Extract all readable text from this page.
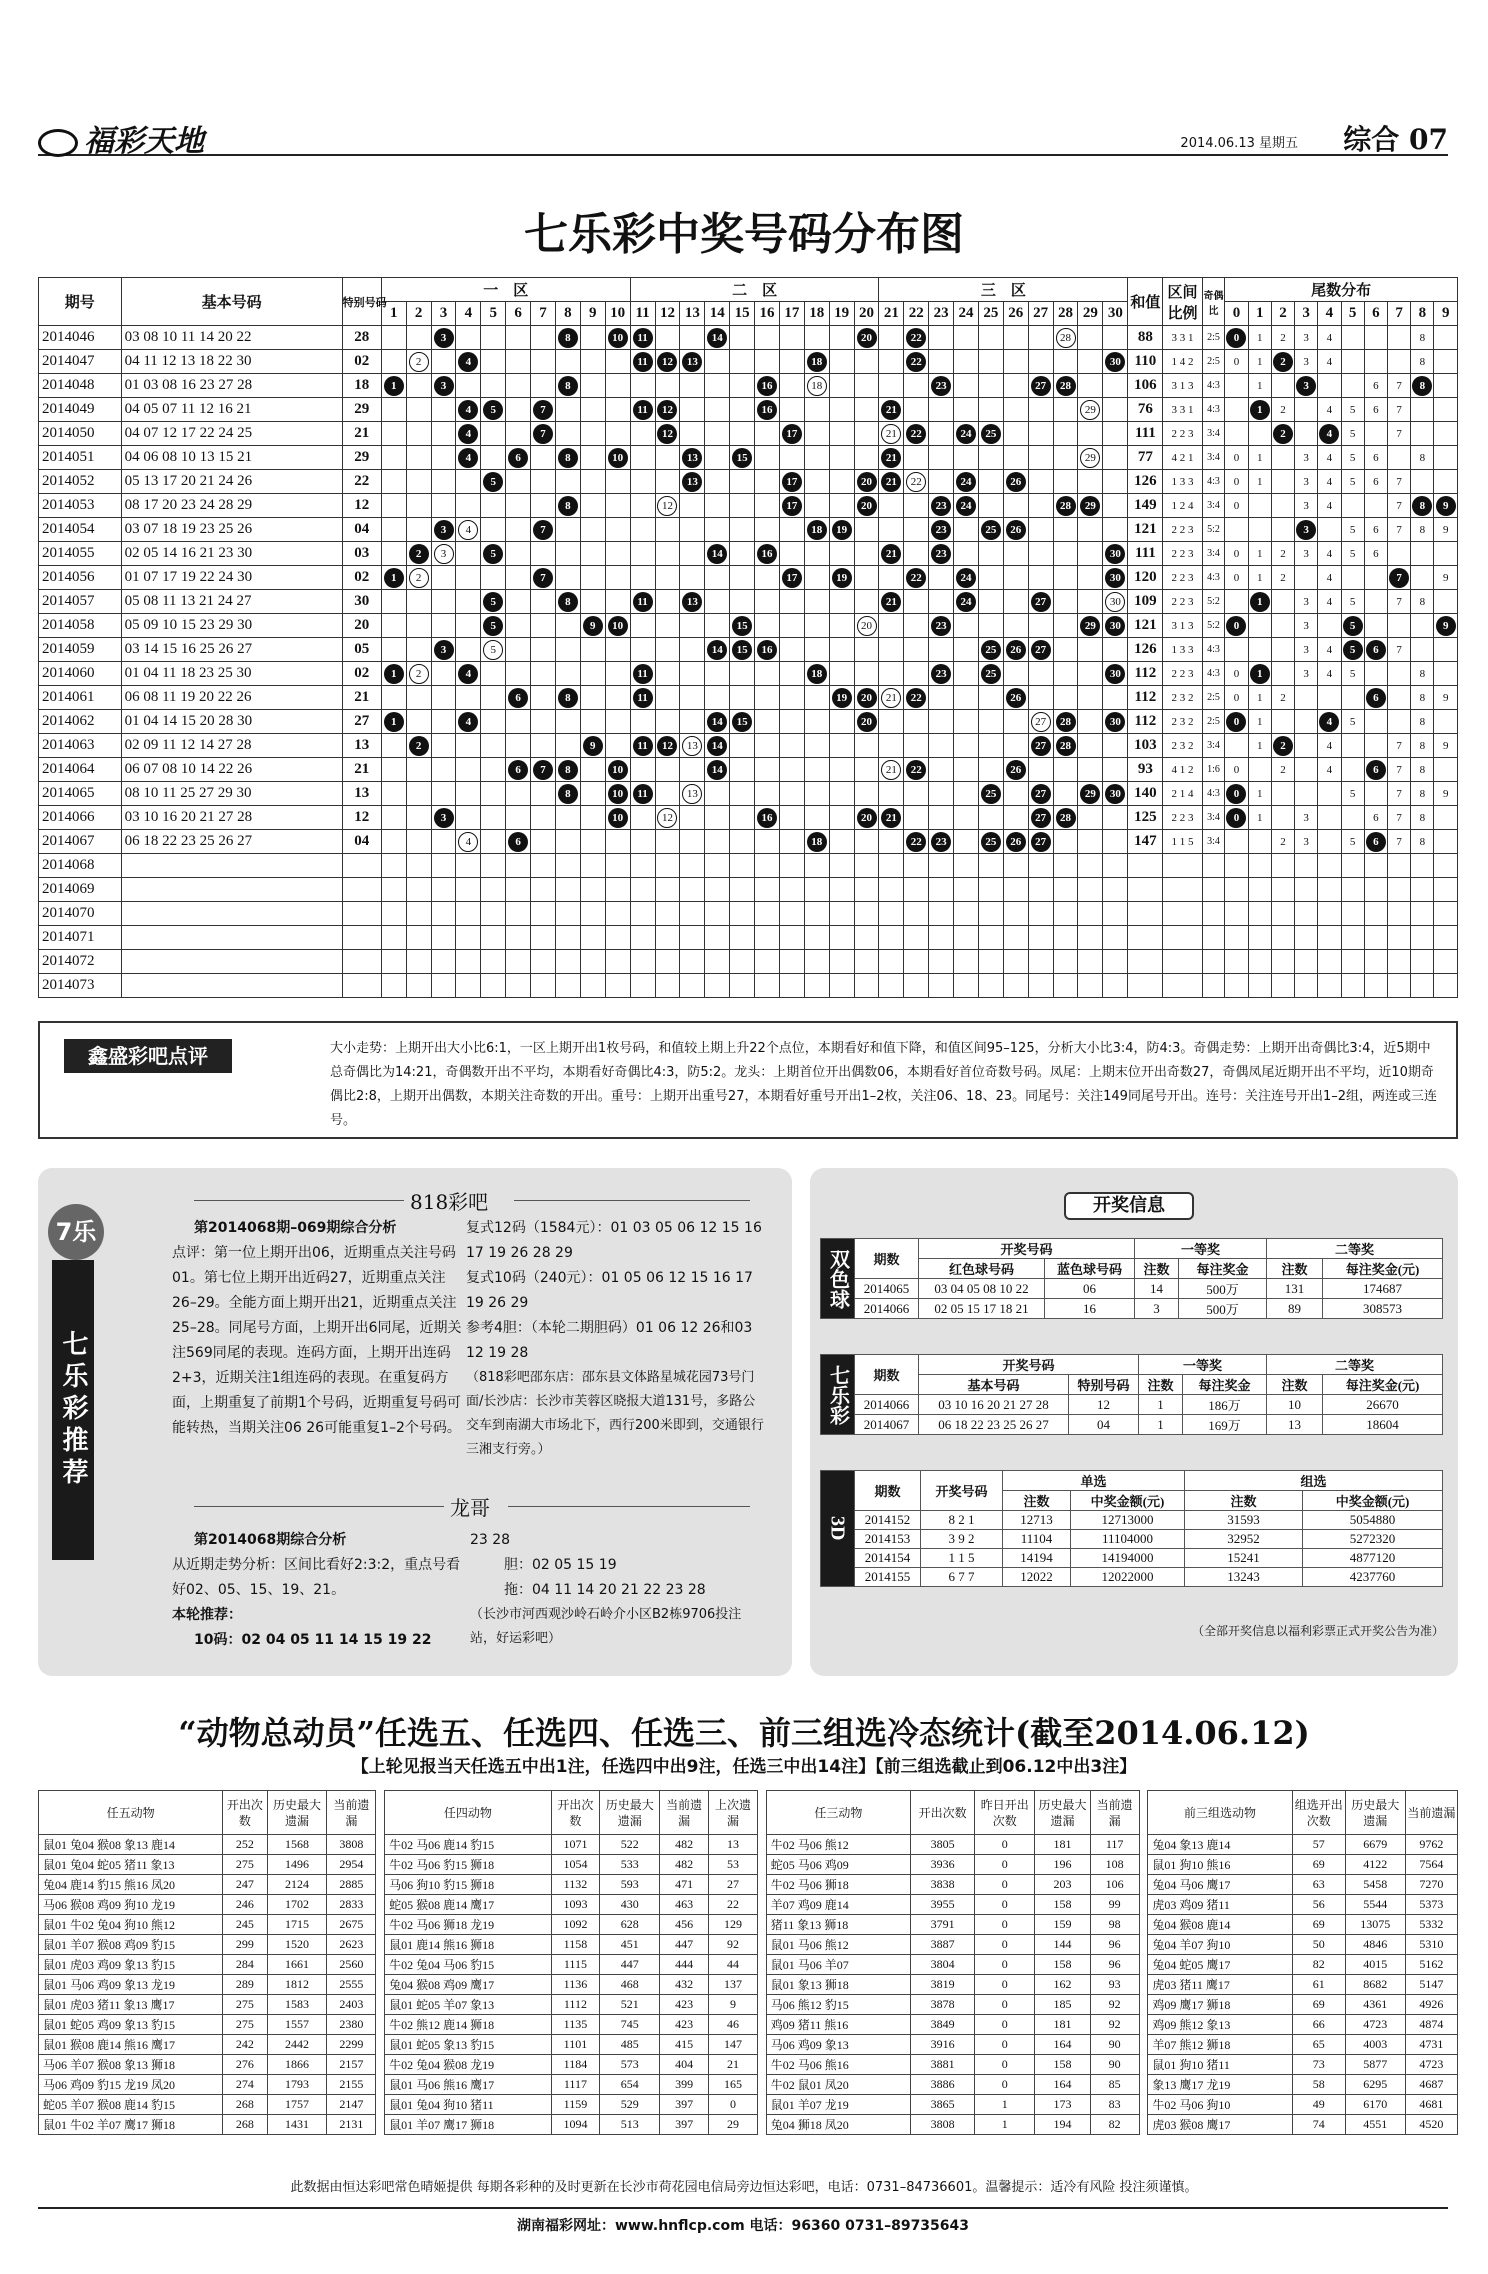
福彩天地	2014.06.13 星期五 综合 07
七乐彩中奖号码分布图
期号	基本号码	特别号码	一　区										二　区										三　区										和值	区间比例	奇偶比	尾数分布									
			1	2	3	4	5	6	7	8	9	10	11	12	13	14	15	16	17	18	19	20	21	22	23	24	25	26	27	28	29	30				0	1	2	3	4	5	6	7	8	9
2014046	03 08 10 11 14 20 22	28			3					8		10	11			14						20		22						28			88	3 3 1	2:5	0	1	2	3	4				8	
2014047	04 11 12 13 18 22 30	02		2		4							11	12	13					18				22								30	110	1 4 2	2:5	0	1	2	3	4				8	
2014048	01 03 08 16 23 27 28	18	1		3					8								16		18					23				27	28			106	3 1 3	4:3		1		3			6	7	8	
2014049	04 05 07 11 12 16 21	29				4	5		7				11	12				16					21								29		76	3 3 1	4:3		1	2		4	5	6	7		
2014050	04 07 12 17 22 24 25	21				4			7					12					17				21	22		24	25						111	2 2 3	3:4			2		4	5		7		
2014051	04 06 08 10 13 15 21	29				4		6		8		10			13		15						21								29		77	4 2 1	3:4	0	1		3	4	5	6		8	
2014052	05 13 17 20 21 24 26	22					5								13				17			20	21	22		24		26					126	1 3 3	4:3	0	1		3	4	5	6	7		
2014053	08 17 20 23 24 28 29	12								8				12					17			20			23	24				28	29		149	1 2 4	3:4	0			3	4			7	8	9
2014054	03 07 18 19 23 25 26	04			3	4			7											18	19				23		25	26					121	2 2 3	5:2				3		5	6	7	8	9
2014055	02 05 14 16 21 23 30	03		2	3		5									14		16					21		23							30	111	2 2 3	3:4	0	1	2	3	4	5	6			
2014056	01 07 17 19 22 24 30	02	1	2					7										17		19			22		24						30	120	2 2 3	4:3	0	1	2		4			7		9
2014057	05 08 11 13 21 24 27	30					5			8			11		13								21			24			27			30	109	2 2 3	5:2		1		3	4	5		7	8	
2014058	05 09 10 15 23 29 30	20					5				9	10					15					20			23						29	30	121	3 1 3	5:2	0			3		5				9
2014059	03 14 15 16 25 26 27	05			3		5									14	15	16									25	26	27				126	1 3 3	4:3				3	4	5	6	7		
2014060	01 04 11 18 23 25 30	02	1	2		4							11							18					23		25					30	112	2 2 3	4:3	0	1		3	4	5			8	
2014061	06 08 11 19 20 22 26	21						6		8			11								19	20	21	22				26					112	2 3 2	2:5	0	1	2				6		8	9
2014062	01 04 14 15 20 28 30	27	1			4										14	15					20							27	28		30	112	2 3 2	2:5	0	1			4	5			8	
2014063	02 09 11 12 14 27 28	13		2							9		11	12	13	14													27	28			103	2 3 2	3:4		1	2		4			7	8	9
2014064	06 07 08 10 14 22 26	21						6	7	8		10				14							21	22				26					93	4 1 2	1:6	0		2		4		6	7	8	
2014065	08 10 11 25 27 29 30	13								8		10	11		13												25		27		29	30	140	2 1 4	4:3	0	1				5		7	8	9
2014066	03 10 16 20 21 27 28	12			3							10		12				16				20	21						27	28			125	2 2 3	3:4	0	1		3			6	7	8	
2014067	06 18 22 23 25 26 27	04				4		6												18				22	23		25	26	27				147	1 1 5	3:4			2	3		5	6	7	8	
2014068																																													
2014069																																													
2014070																																													
2014071																																													
2014072																																													
2014073																																													
鑫盛彩吧点评	大小走势：上期开出大小比6:1，一区上期开出1枚号码，和值较上期上升22个点位，本期看好和值下降，和值区间95–125，分析大小比3:4，防4:3。奇偶走势：上期开出奇偶比3:4，近5期中总奇偶比为14:21，奇偶数开出不平均，本期看好奇偶比4:3，防5:2。龙头：上期首位开出偶数06，本期看好首位奇数号码。凤尾：上期末位开出奇数27，奇偶凤尾近期开出不平均，近10期奇偶比2:8，上期开出偶数，本期关注奇数的开出。重号：上期开出重号27，本期看好重号开出1–2枚，关注06、18、23。同尾号：关注149同尾号开出。连号：关注连号开出1–2组，两连或三连号。
7乐
七乐彩推荐
818彩吧
第2014068期–069期综合分析
点评：第一位上期开出06，近期重点关注号码01。第七位上期开出近码27，近期重点关注26–29。全能方面上期开出21，近期重点关注25–28。同尾号方面，上期开出6同尾，近期关注569同尾的表现。连码方面，上期开出连码2+3，近期关注1组连码的表现。在重复码方面，上期重复了前期1个号码，近期重复号码可能转热，当期关注06 26可能重复1–2个号码。
复式12码（1584元）：01 03 05 06 12 15 16 17 19 26 28 29
复式10码（240元）：01 05 06 12 15 16 17 19 26 29
参考4胆：（本轮二期胆码）01 06 12 26和03 12 19 28
（818彩吧邵东店：邵东县文体路星城花园73号门面/长沙店：长沙市芙蓉区晓报大道131号，多路公交车到南湖大市场北下，西行200米即到，交通银行三湘支行旁。）
龙哥
第2014068期综合分析
从近期走势分析：区间比看好2:3:2，重点号看好02、05、15、19、21。
本轮推荐：
10码：02 04 05 11 14 15 19 22
23 28
胆：02 05 15 19
拖：04 11 14 20 21 22 23 28
（长沙市河西观沙岭石岭介小区B2栋9706投注站，好运彩吧）
开奖信息
双色球	期数	开奖号码		一等奖		二等奖	
		红色球号码	蓝色球号码	注数	每注奖金	注数	每注奖金(元)
	2014065	03 04 05 08 10 22	06	14	500万	131	174687
	2014066	02 05 15 17 18 21	16	3	500万	89	308573
七乐彩	期数	开奖号码		一等奖		二等奖	
		基本号码	特别号码	注数	每注奖金	注数	每注奖金(元)
	2014066	03 10 16 20 21 27 28	12	1	186万	10	26670
	2014067	06 18 22 23 25 26 27	04	1	169万	13	18604
3D	期数	开奖号码	单选		组选	
			注数	中奖金额(元)	注数	中奖金额(元)
	2014152	8 2 1	12713	12713000	31593	5054880
	2014153	3 9 2	11104	11104000	32952	5272320
	2014154	1 1 5	14194	14194000	15241	4877120
	2014155	6 7 7	12022	12022000	13243	4237760
（全部开奖信息以福利彩票正式开奖公告为准）
“动物总动员”任选五、任选四、任选三、前三组选冷态统计(截至2014.06.12)
【上轮见报当天任选五中出1注，任选四中出9注，任选三中出14注】【前三组选截止到06.12中出3注】
任五动物	开出次数	历史最大遗漏	当前遗漏		任四动物	开出次数	历史最大遗漏	当前遗漏	上次遗漏		任三动物	开出次数	昨日开出次数	历史最大遗漏	当前遗漏		前三组选动物	组选开出次数	历史最大遗漏	当前遗漏
鼠01 兔04 猴08 象13 鹿14	252	1568	3808		牛02 马06 鹿14 豹15	1071	522	482	13		牛02 马06 熊12	3805	0	181	117		兔04 象13 鹿14	57	6679	9762
鼠01 兔04 蛇05 猪11 象13	275	1496	2954		牛02 马06 豹15 狮18	1054	533	482	53		蛇05 马06 鸡09	3936	0	196	108		鼠01 狗10 熊16	69	4122	7564
兔04 鹿14 豹15 熊16 凤20	247	2124	2885		马06 狗10 豹15 狮18	1132	593	471	27		牛02 马06 狮18	3838	0	203	106		兔04 马06 鹰17	63	5458	7270
马06 猴08 鸡09 狗10 龙19	246	1702	2833		蛇05 猴08 鹿14 鹰17	1093	430	463	22		羊07 鸡09 鹿14	3955	0	158	99		虎03 鸡09 猪11	56	5544	5373
鼠01 牛02 兔04 狗10 熊12	245	1715	2675		牛02 马06 狮18 龙19	1092	628	456	129		猪11 象13 狮18	3791	0	159	98		兔04 猴08 鹿14	69	13075	5332
鼠01 羊07 猴08 鸡09 豹15	299	1520	2623		鼠01 鹿14 熊16 狮18	1158	451	447	92		鼠01 马06 熊12	3887	0	144	96		兔04 羊07 狗10	50	4846	5310
鼠01 虎03 鸡09 象13 豹15	284	1661	2560		牛02 兔04 马06 豹15	1115	447	444	44		鼠01 马06 羊07	3804	0	158	96		兔04 蛇05 鹰17	82	4015	5162
鼠01 马06 鸡09 象13 龙19	289	1812	2555		兔04 猴08 鸡09 鹰17	1136	468	432	137		鼠01 象13 狮18	3819	0	162	93		虎03 猪11 鹰17	61	8682	5147
鼠01 虎03 猪11 象13 鹰17	275	1583	2403		鼠01 蛇05 羊07 象13	1112	521	423	9		马06 熊12 豹15	3878	0	185	92		鸡09 鹰17 狮18	69	4361	4926
鼠01 蛇05 鸡09 象13 豹15	275	1557	2380		牛02 熊12 鹿14 狮18	1135	745	423	46		鸡09 猪11 熊16	3849	0	181	92		鸡09 熊12 象13	66	4723	4874
鼠01 猴08 鹿14 熊16 鹰17	242	2442	2299		鼠01 蛇05 象13 豹15	1101	485	415	147		马06 鸡09 象13	3916	0	164	90		羊07 熊12 狮18	65	4003	4731
马06 羊07 猴08 象13 狮18	276	1866	2157		牛02 兔04 猴08 龙19	1184	573	404	21		牛02 马06 熊16	3881	0	158	90		鼠01 狗10 猪11	73	5877	4723
马06 鸡09 豹15 龙19 凤20	274	1793	2155		鼠01 马06 熊16 鹰17	1117	654	399	165		牛02 鼠01 凤20	3886	0	164	85		象13 鹰17 龙19	58	6295	4687
蛇05 羊07 猴08 鹿14 豹15	268	1757	2147		鼠01 兔04 狗10 猪11	1159	529	397	0		鼠01 羊07 龙19	3865	1	173	83		牛02 马06 狗10	49	6170	4681
鼠01 牛02 羊07 鹰17 狮18	268	1431	2131		鼠01 羊07 鹰17 狮18	1094	513	397	29		兔04 狮18 凤20	3808	1	194	82		虎03 猴08 鹰17	74	4551	4520
此数据由恒达彩吧常色晴姬提供 每期各彩种的及时更新在长沙市荷花园电信局旁边恒达彩吧，电话：0731–84736601。温馨提示：适冷有风险 投注须谨慎。
湖南福彩网址：www.hnflcp.com 电话：96360 0731–89735643
